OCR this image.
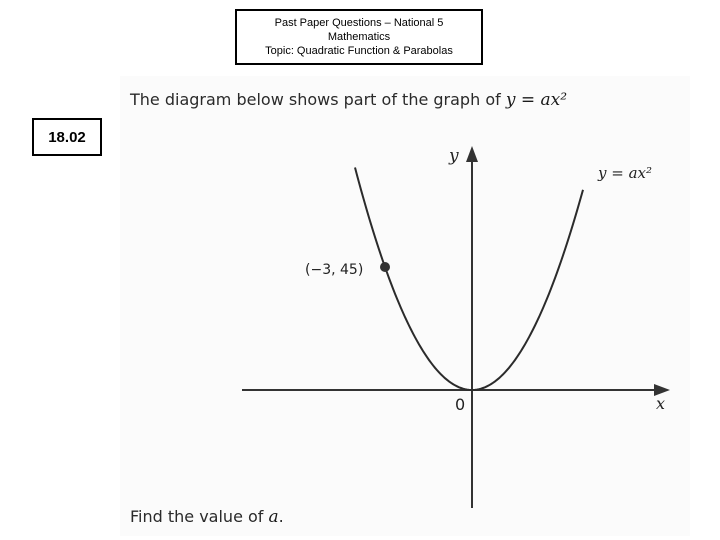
Past Paper Questions – National 5
Mathematics
Topic: Quadratic Function & Parabolas
18.02
The diagram below shows part of the graph of y = ax²
y
x
0
y = ax²
(−3, 45)
Find the value of a.
